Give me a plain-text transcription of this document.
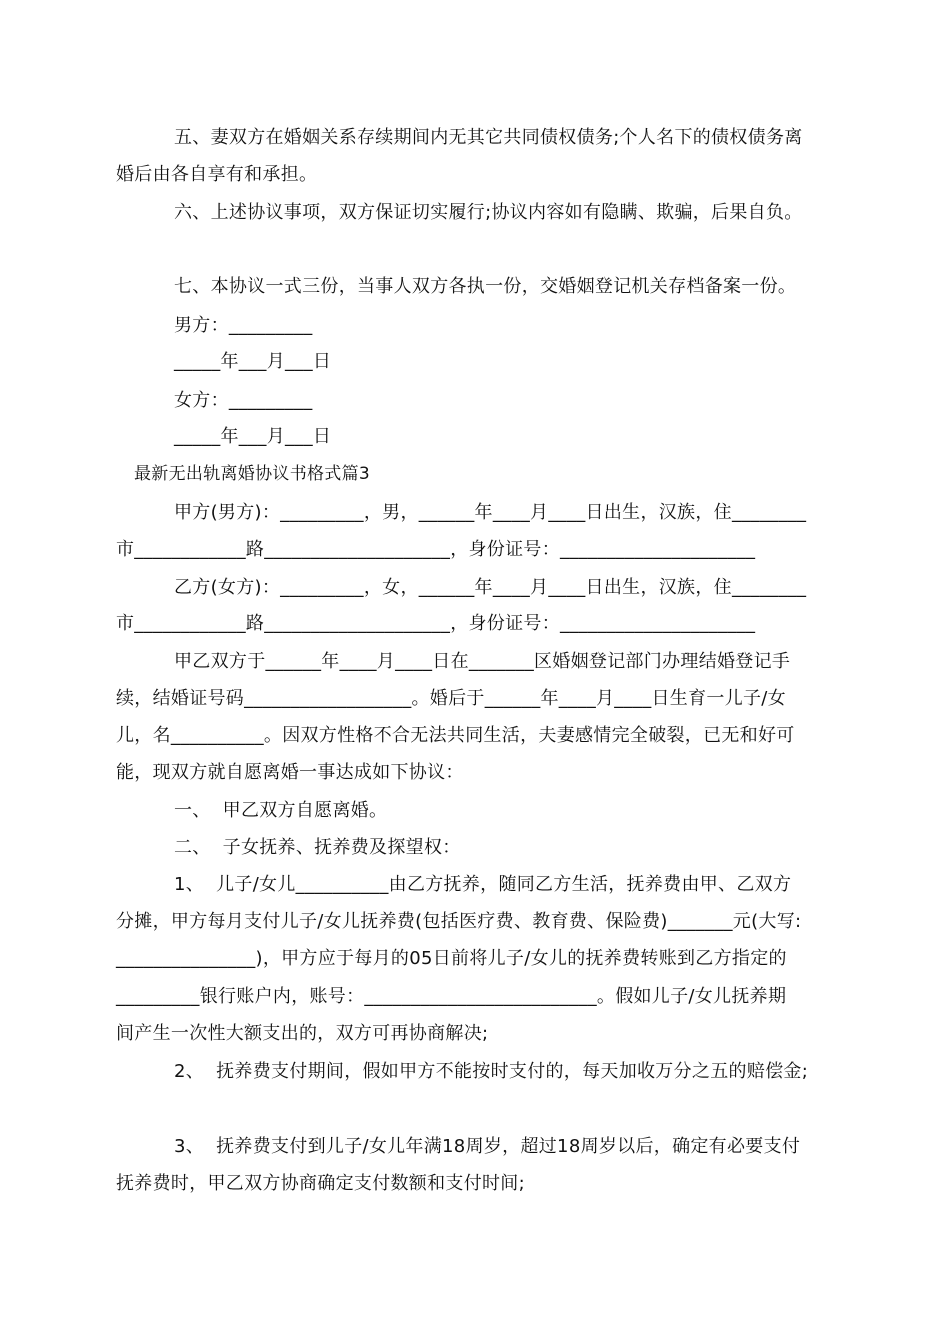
五、妻双方在婚姻关系存续期间内无其它共同债权债务;个人名下的债权债务离
婚后由各自享有和承担。
六、上述协议事项，双方保证切实履行;协议内容如有隐瞒、欺骗，后果自负。
七、本协议一式三份，当事人双方各执一份，交婚姻登记机关存档备案一份。
男方：_________
_____年___月___日
女方：_________
_____年___月___日
最新无出轨离婚协议书格式篇3
甲方(男方)：_________，男，______年____月____日出生，汉族，住________
市____________路____________________，身份证号：_____________________
乙方(女方)：_________，女，______年____月____日出生，汉族，住________
市____________路____________________，身份证号：_____________________
甲乙双方于______年____月____日在_______区婚姻登记部门办理结婚登记手
续，结婚证号码__________________。婚后于______年____月____日生育一儿子/女
儿，名__________。因双方性格不合无法共同生活，夫妻感情完全破裂，已无和好可
能，现双方就自愿离婚一事达成如下协议：
一、  甲乙双方自愿离婚。
二、  子女抚养、抚养费及探望权：
1、  儿子/女儿__________由乙方抚养，随同乙方生活，抚养费由甲、乙双方
分摊，甲方每月支付儿子/女儿抚养费(包括医疗费、教育费、保险费)_______元(大写:
_______________)，甲方应于每月的05日前将儿子/女儿的抚养费转账到乙方指定的
_________银行账户内，账号：_________________________。假如儿子/女儿抚养期
间产生一次性大额支出的，双方可再协商解决;
2、  抚养费支付期间，假如甲方不能按时支付的，每天加收万分之五的赔偿金;
3、  抚养费支付到儿子/女儿年满18周岁，超过18周岁以后，确定有必要支付
抚养费时，甲乙双方协商确定支付数额和支付时间;
